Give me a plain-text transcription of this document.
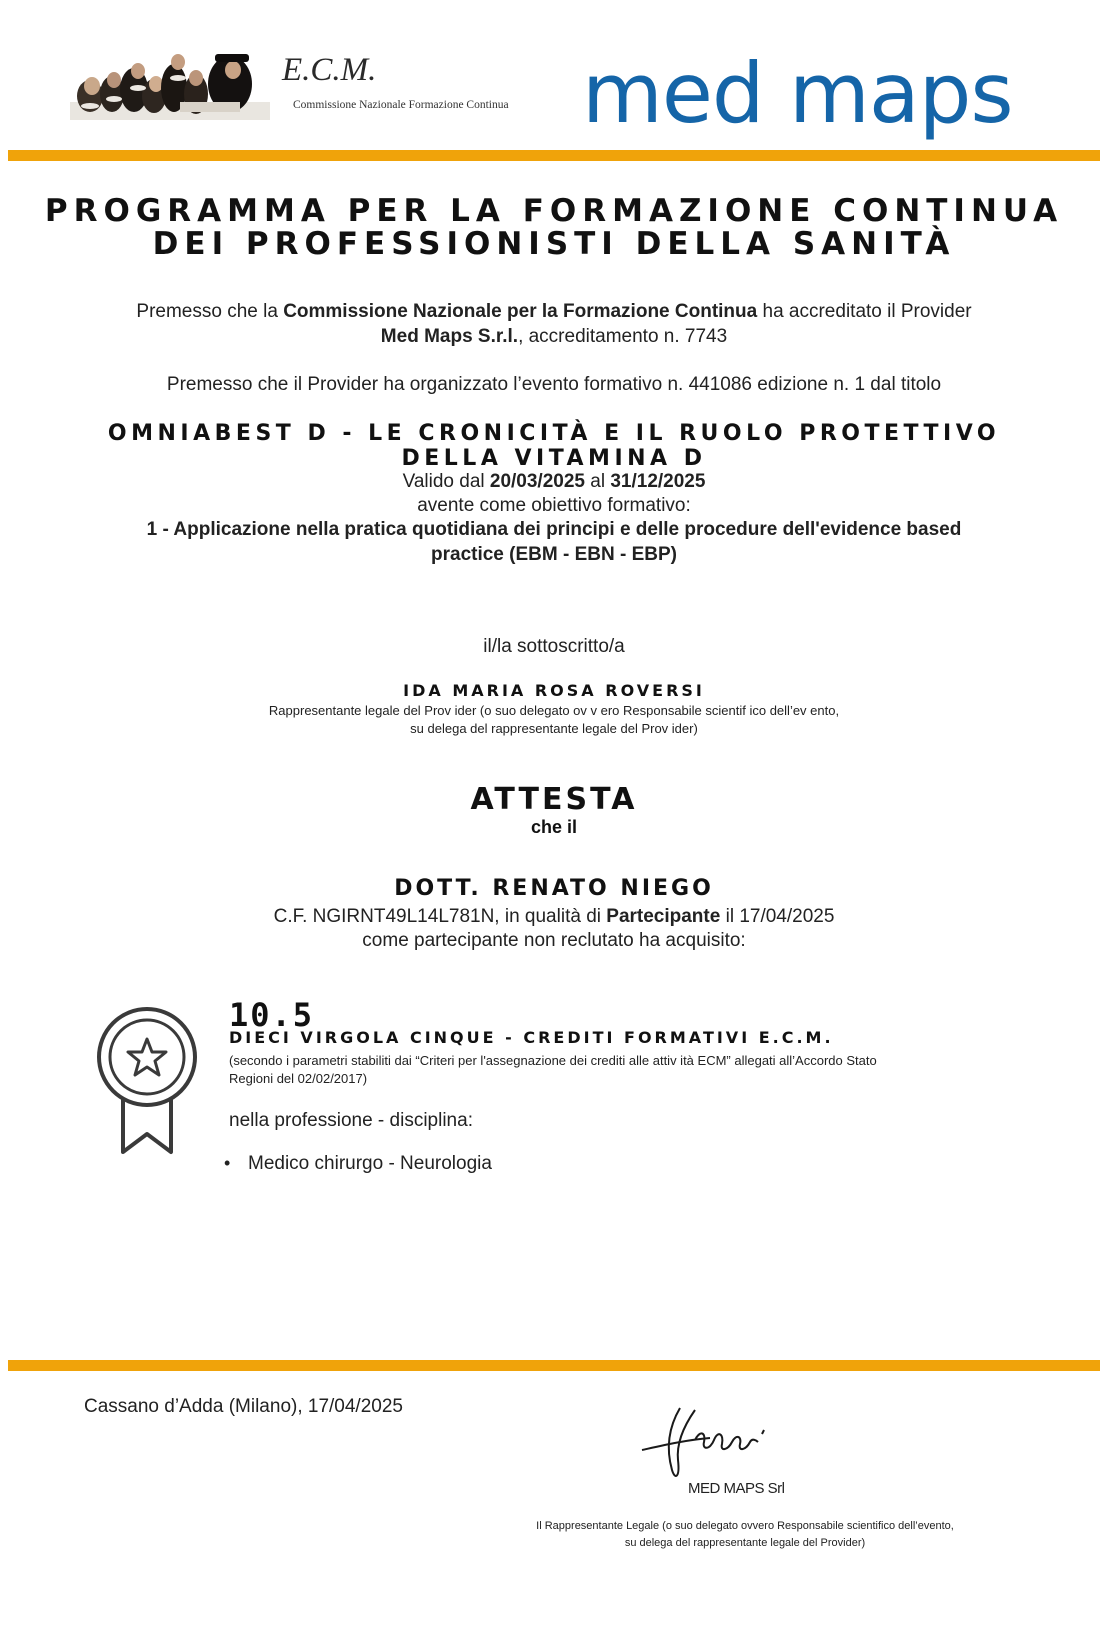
E.C.M.
Commissione Nazionale Formazione Continua med maps
PROGRAMMA PER LA FORMAZIONE CONTINUA
DEI PROFESSIONISTI DELLA SANITÀ
Premesso che la Commissione Nazionale per la Formazione Continua ha accreditato il Provider
Med Maps S.r.l., accreditamento n. 7743
Premesso che il Provider ha organizzato l’evento formativo n. 441086 edizione n. 1 dal titolo
OMNIABEST D - LE CRONICITÀ E IL RUOLO PROTETTIVO
DELLA VITAMINA D
Valido dal 20/03/2025 al 31/12/2025
avente come obiettivo formativo:
1 - Applicazione nella pratica quotidiana dei principi e delle procedure dell'evidence based
practice (EBM - EBN - EBP)
il/la sottoscritto/a
IDA MARIA ROSA ROVERSI
Rappresentante legale del Prov ider (o suo delegato ov v ero Responsabile scientif ico dell’ev ento,
su delega del rappresentante legale del Prov ider)
ATTESTA
che il
DOTT. RENATO NIEGO
C.F. NGIRNT49L14L781N, in qualità di Partecipante il 17/04/2025
come partecipante non reclutato ha acquisito:
10.5
DIECI VIRGOLA CINQUE - CREDITI FORMATIVI E.C.M.
(secondo i parametri stabiliti dai “Criteri per l'assegnazione dei crediti alle attiv ità ECM” allegati all’Accordo Stato
Regioni del 02/02/2017)
nella professione - disciplina:
• Medico chirurgo - Neurologia
Cassano d’Adda (Milano), 17/04/2025
MED MAPS Srl
Il Rappresentante Legale (o suo delegato ovvero Responsabile scientifico dell’evento,
su delega del rappresentante legale del Provider)
